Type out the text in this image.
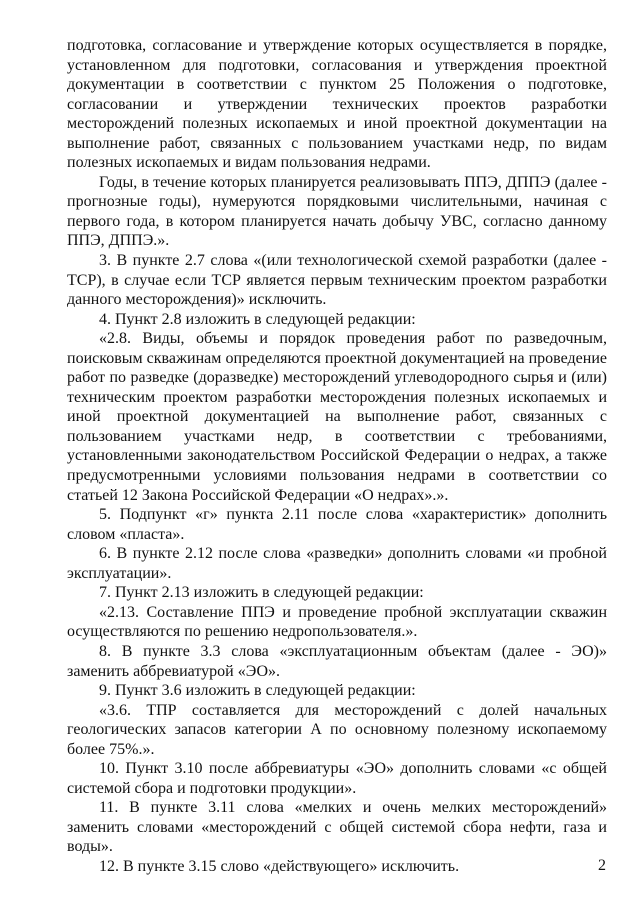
подготовка, согласование и утверждение которых осуществляется в порядке, установленном для подготовки, согласования и утверждения проектной документации в соответствии с пунктом 25 Положения о подготовке, согласовании и утверждении технических проектов разработки месторождений полезных ископаемых и иной проектной документации на выполнение работ, связанных с пользованием участками недр, по видам полезных ископаемых и видам пользования недрами.

Годы, в течение которых планируется реализовывать ППЭ, ДППЭ (далее - прогнозные годы), нумеруются порядковыми числительными, начиная с первого года, в котором планируется начать добычу УВС, согласно данному ППЭ, ДППЭ.».

3. В пункте 2.7 слова «(или технологической схемой разработки (далее - ТСР), в случае если ТСР является первым техническим проектом разработки данного месторождения)» исключить.

4. Пункт 2.8 изложить в следующей редакции:

«2.8. Виды, объемы и порядок проведения работ по разведочным, поисковым скважинам определяются проектной документацией на проведение работ по разведке (доразведке) месторождений углеводородного сырья и (или) техническим проектом разработки месторождения полезных ископаемых и иной проектной документацией на выполнение работ, связанных с пользованием участками недр, в соответствии с требованиями, установленными законодательством Российской Федерации о недрах, а также предусмотренными условиями пользования недрами в соответствии со статьей 12 Закона Российской Федерации «О недрах».».

5. Подпункт «г» пункта 2.11 после слова «характеристик» дополнить словом «пласта».

6. В пункте 2.12 после слова «разведки» дополнить словами «и пробной эксплуатации».

7. Пункт 2.13 изложить в следующей редакции:

«2.13. Составление ППЭ и проведение пробной эксплуатации скважин осуществляются по решению недропользователя.».

8. В пункте 3.3 слова «эксплуатационным объектам (далее - ЭО)» заменить аббревиатурой «ЭО».

9. Пункт 3.6 изложить в следующей редакции:

«3.6. ТПР составляется для месторождений с долей начальных геологических запасов категории А по основному полезному ископаемому более 75%.».

10. Пункт 3.10 после аббревиатуры «ЭО» дополнить словами «с общей системой сбора и подготовки продукции».

11. В пункте 3.11 слова «мелких и очень мелких месторождений» заменить словами «месторождений с общей системой сбора нефти, газа и воды».

12. В пункте 3.15 слово «действующего» исключить.	2
